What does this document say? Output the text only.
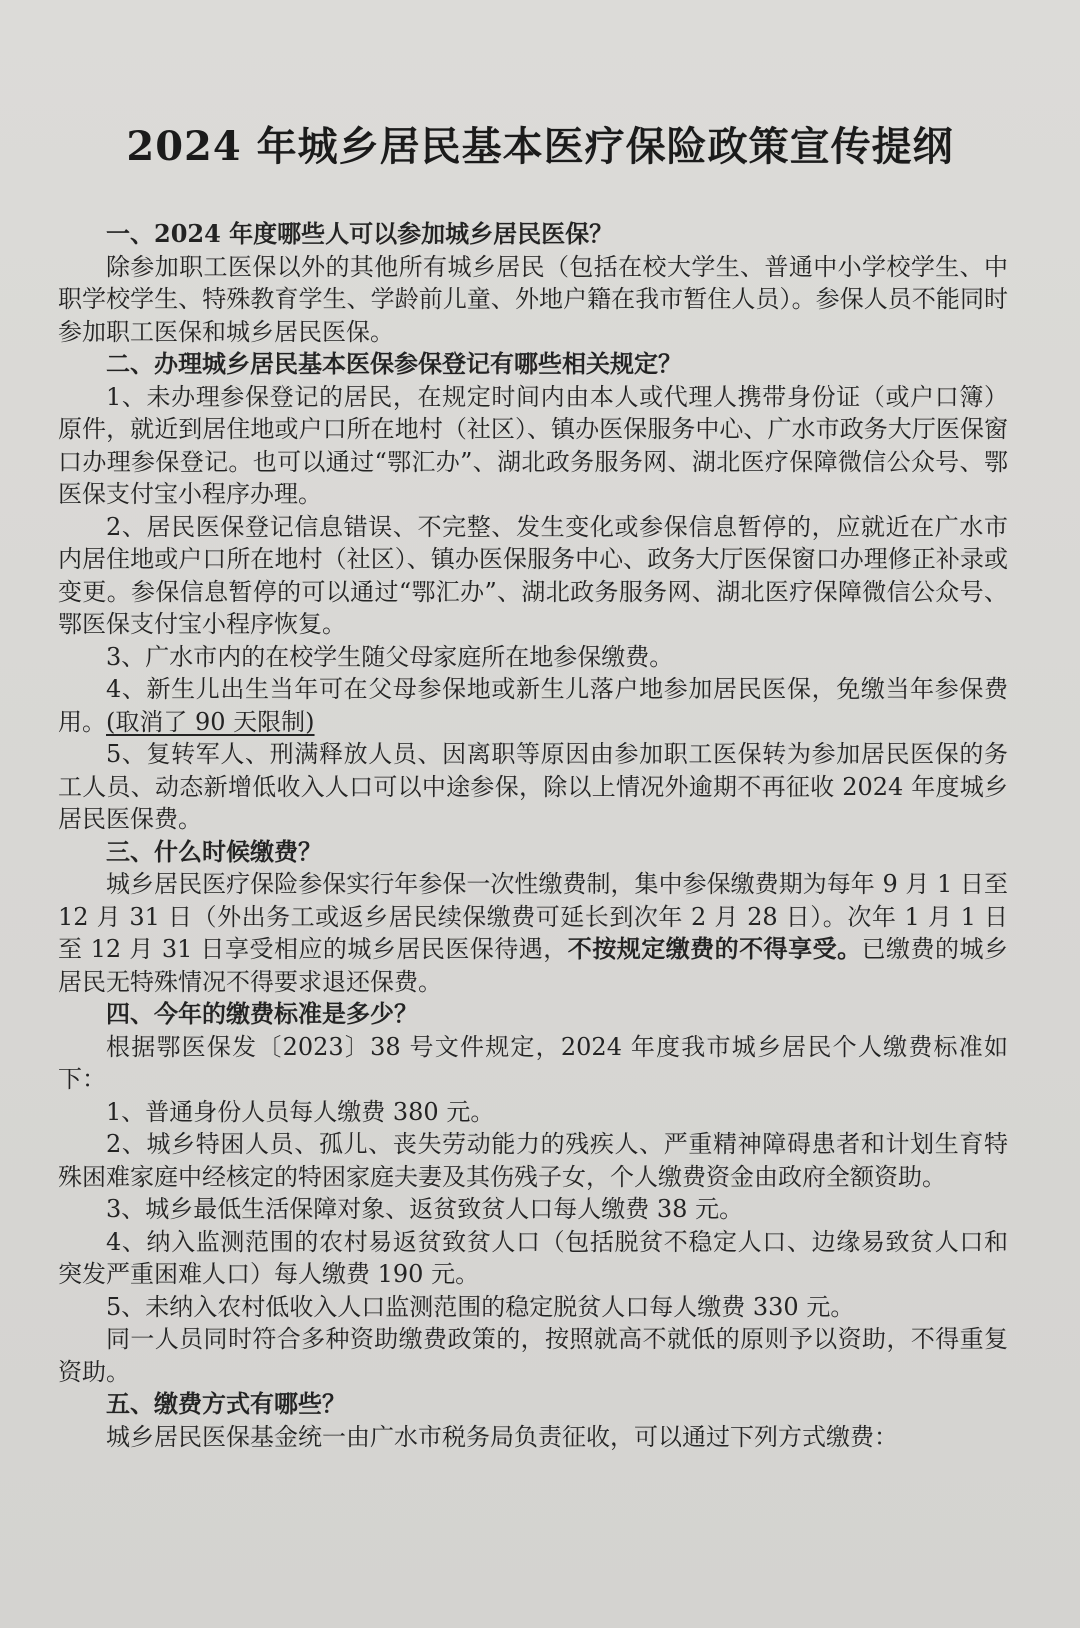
2024 年城乡居民基本医疗保险政策宣传提纲

一、2024 年度哪些人可以参加城乡居民医保？

除参加职工医保以外的其他所有城乡居民（包括在校大学生、普通中小学校学生、中职学校学生、特殊教育学生、学龄前儿童、外地户籍在我市暂住人员）。参保人员不能同时参加职工医保和城乡居民医保。

二、办理城乡居民基本医保参保登记有哪些相关规定？

1、未办理参保登记的居民，在规定时间内由本人或代理人携带身份证（或户口簿）原件，就近到居住地或户口所在地村（社区）、镇办医保服务中心、广水市政务大厅医保窗口办理参保登记。也可以通过“鄂汇办”、湖北政务服务网、湖北医疗保障微信公众号、鄂医保支付宝小程序办理。

2、居民医保登记信息错误、不完整、发生变化或参保信息暂停的，应就近在广水市内居住地或户口所在地村（社区）、镇办医保服务中心、政务大厅医保窗口办理修正补录或变更。参保信息暂停的可以通过“鄂汇办”、湖北政务服务网、湖北医疗保障微信公众号、鄂医保支付宝小程序恢复。

3、广水市内的在校学生随父母家庭所在地参保缴费。

4、新生儿出生当年可在父母参保地或新生儿落户地参加居民医保，免缴当年参保费用。(取消了 90 天限制)

5、复转军人、刑满释放人员、因离职等原因由参加职工医保转为参加居民医保的务工人员、动态新增低收入人口可以中途参保，除以上情况外逾期不再征收 2024 年度城乡居民医保费。

三、什么时候缴费？

城乡居民医疗保险参保实行年参保一次性缴费制，集中参保缴费期为每年 9 月 1 日至 12 月 31 日（外出务工或返乡居民续保缴费可延长到次年 2 月 28 日）。次年 1 月 1 日至 12 月 31 日享受相应的城乡居民医保待遇，不按规定缴费的不得享受。已缴费的城乡居民无特殊情况不得要求退还保费。

四、今年的缴费标准是多少？

根据鄂医保发〔2023〕38 号文件规定，2024 年度我市城乡居民个人缴费标准如下：

1、普通身份人员每人缴费 380 元。

2、城乡特困人员、孤儿、丧失劳动能力的残疾人、严重精神障碍患者和计划生育特殊困难家庭中经核定的特困家庭夫妻及其伤残子女，个人缴费资金由政府全额资助。

3、城乡最低生活保障对象、返贫致贫人口每人缴费 38 元。

4、纳入监测范围的农村易返贫致贫人口（包括脱贫不稳定人口、边缘易致贫人口和突发严重困难人口）每人缴费 190 元。

5、未纳入农村低收入人口监测范围的稳定脱贫人口每人缴费 330 元。

同一人员同时符合多种资助缴费政策的，按照就高不就低的原则予以资助，不得重复资助。

五、缴费方式有哪些？

城乡居民医保基金统一由广水市税务局负责征收，可以通过下列方式缴费：
